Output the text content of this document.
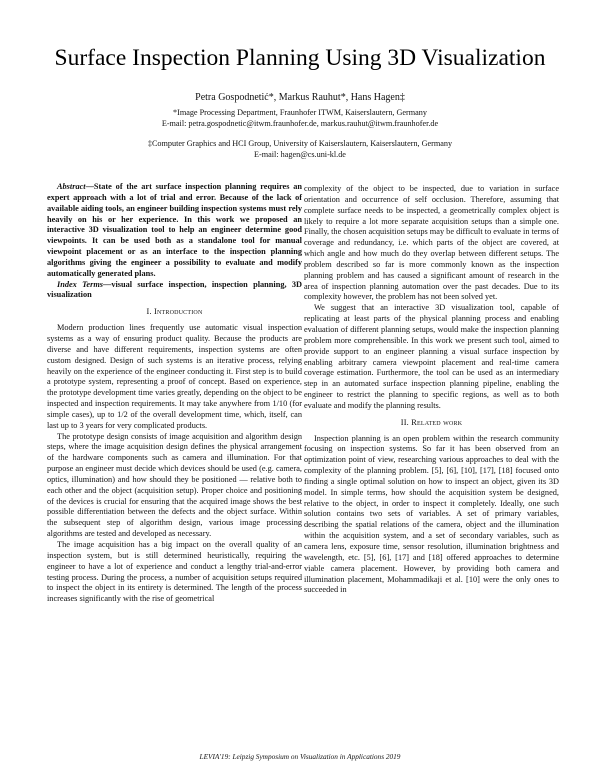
Surface Inspection Planning Using 3D Visualization
Petra Gospodnetić*, Markus Rauhut*, Hans Hagen‡
*Image Processing Department, Fraunhofer ITWM, Kaiserslautern, Germany
E-mail: petra.gospodnetic@itwm.fraunhofer.de, markus.rauhut@itwm.fraunhofer.de
‡Computer Graphics and HCI Group, University of Kaiserslautern, Kaiserslautern, Germany
E-mail: hagen@cs.uni-kl.de

Abstract—State of the art surface inspection planning requires an expert approach with a lot of trial and error. Because of the lack of available aiding tools, an engineer building inspection systems must rely heavily on his or her experience. In this work we proposed an interactive 3D visualization tool to help an engineer determine good viewpoints. It can be used both as a standalone tool for manual viewpoint placement or as an interface to the inspection planning algorithms giving the engineer a possibility to evaluate and modify automatically generated plans.

Index Terms—visual surface inspection, inspection planning, 3D visualization

I. Introduction

Modern production lines frequently use automatic visual inspection systems as a way of ensuring product quality. Because the products are diverse and have different requirements, inspection systems are often custom designed. Design of such systems is an iterative process, relying heavily on the experience of the engineer conducting it. First step is to build a prototype system, representing a proof of concept. Based on experience, the prototype development time varies greatly, depending on the object to be inspected and inspection requirements. It may take anywhere from 1/10 (for simple cases), up to 1/2 of the overall development time, which, itself, can last up to 3 years for very complicated products.

The prototype design consists of image acquisition and algorithm design steps, where the image acquisition design defines the physical arrangement of the hardware components such as camera and illumination. For that purpose an engineer must decide which devices should be used (e.g. camera, optics, illumination) and how should they be positioned — relative both to each other and the object (acquisition setup). Proper choice and positioning of the devices is crucial for ensuring that the acquired image shows the best possible differentiation between the defects and the object surface. Within the subsequent step of algorithm design, various image processing algorithms are tested and developed as necessary.

The image acquisition has a big impact on the overall quality of an inspection system, but is still determined heuristically, requiring the engineer to have a lot of experience and conduct a lengthy trial-and-error testing process. During the process, a number of acquisition setups required to inspect the object in its entirety is determined. The length of the process increases significantly with the rise of geometrical

complexity of the object to be inspected, due to variation in surface orientation and occurrence of self occlusion. Therefore, assuming that complete surface needs to be inspected, a geometrically complex object is likely to require a lot more separate acquisition setups than a simple one. Finally, the chosen acquisition setups may be difficult to evaluate in terms of coverage and redundancy, i.e. which parts of the object are covered, at which angle and how much do they overlap between different setups. The problem described so far is more commonly known as the inspection planning problem and has caused a significant amount of research in the area of inspection planning automation over the past decades. Due to its complexity however, the problem has not been solved yet.

We suggest that an interactive 3D visualization tool, capable of replicating at least parts of the physical planning process and enabling evaluation of different planning setups, would make the inspection planning problem more comprehensible. In this work we present such tool, aimed to provide support to an engineer planning a visual surface inspection by enabling arbitrary camera viewpoint placement and real-time camera coverage estimation. Furthermore, the tool can be used as an intermediary step in an automated surface inspection planning pipeline, enabling the engineer to restrict the planning to specific regions, as well as to both evaluate and modify the planning results.

II. Related work

Inspection planning is an open problem within the research community focusing on inspection systems. So far it has been observed from an optimization point of view, researching various approaches to deal with the complexity of the planning problem. [5], [6], [10], [17], [18] focused onto finding a single optimal solution on how to inspect an object, given its 3D model. In simple terms, how should the acquisition system be designed, relative to the object, in order to inspect it completely. Ideally, one such solution contains two sets of variables. A set of primary variables, describing the spatial relations of the camera, object and the illumination within the acquisition system, and a set of secondary variables, such as camera lens, exposure time, sensor resolution, illumination brightness and wavelength, etc. [5], [6], [17] and [18] offered approaches to determine viable camera placement. However, by providing both camera and illumination placement, Mohammadikaji et al. [10] were the only ones to succeeded in

LEVIA'19: Leipzig Symposium on Visualization in Applications 2019
